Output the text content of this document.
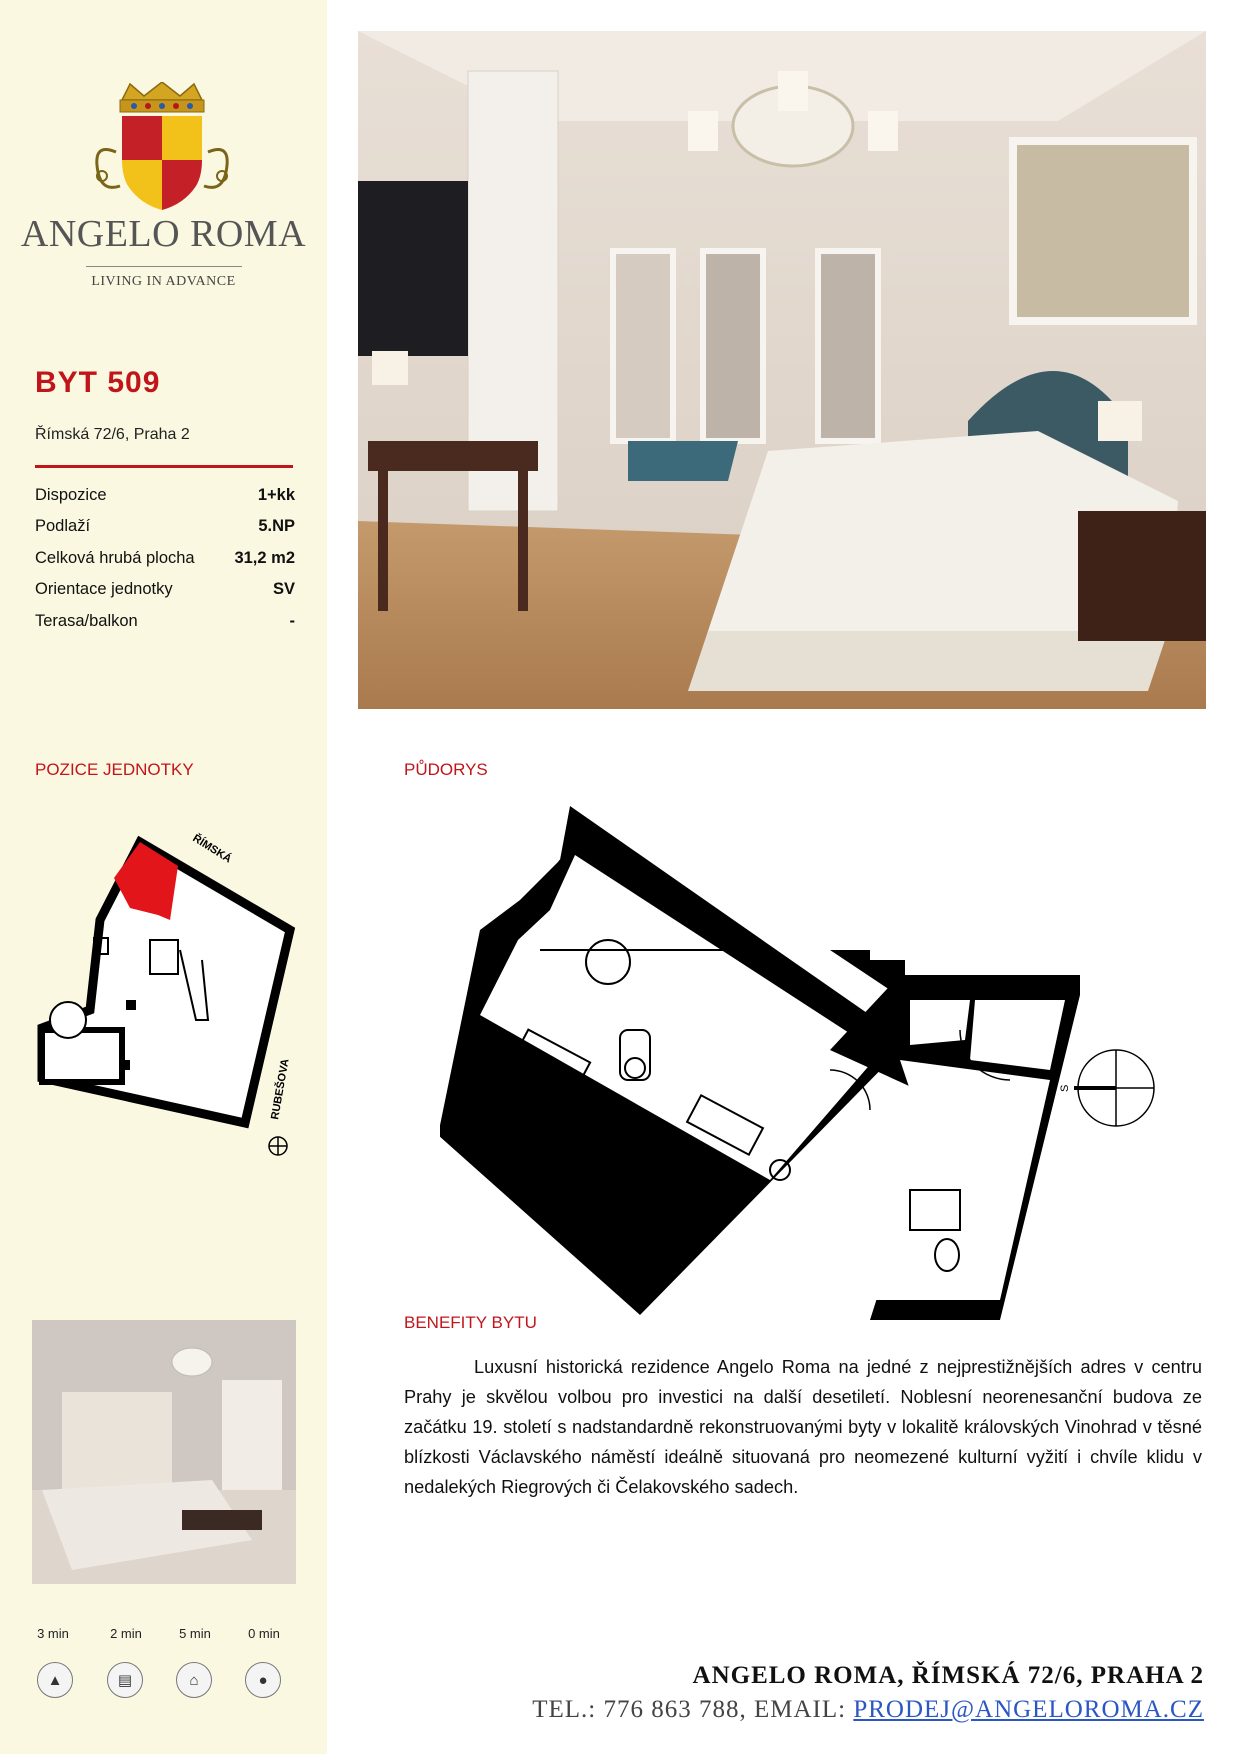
ANGELO ROMA
LIVING IN ADVANCE
BYT 509
Římská 72/6, Praha 2
Dispozice	1+kk
Podlaží	5.NP
Celková hrubá plocha 31,2 m2
Orientace jednotky	SV
Terasa/balkon	-
POZICE JEDNOTKY	PŮDORYS
BENEFITY BYTU
ŘÍMSKÁ
RUBEŠOVA	S
Luxusní historická rezidence Angelo Roma na jedné z nejprestižnějších adres v centru Prahy je skvělou volbou pro investici na další desetiletí. Noblesní neorenesanční budova ze začátku 19. století s nadstandardně rekonstruovanými byty v lokalitě královských Vinohrad v těsné blízkosti Václavského náměstí ideálně situovaná pro neomezené kulturní vyžití i chvíle klidu v nedalekých Riegrových či Čelakovského sadech.
3 min	2 min	5 min	0 min
▲	▤	⌂	●	ANGELO ROMA, ŘÍMSKÁ 72/6, PRAHA 2
TEL.: 776 863 788, EMAIL: PRODEJ@ANGELOROMA.CZ
